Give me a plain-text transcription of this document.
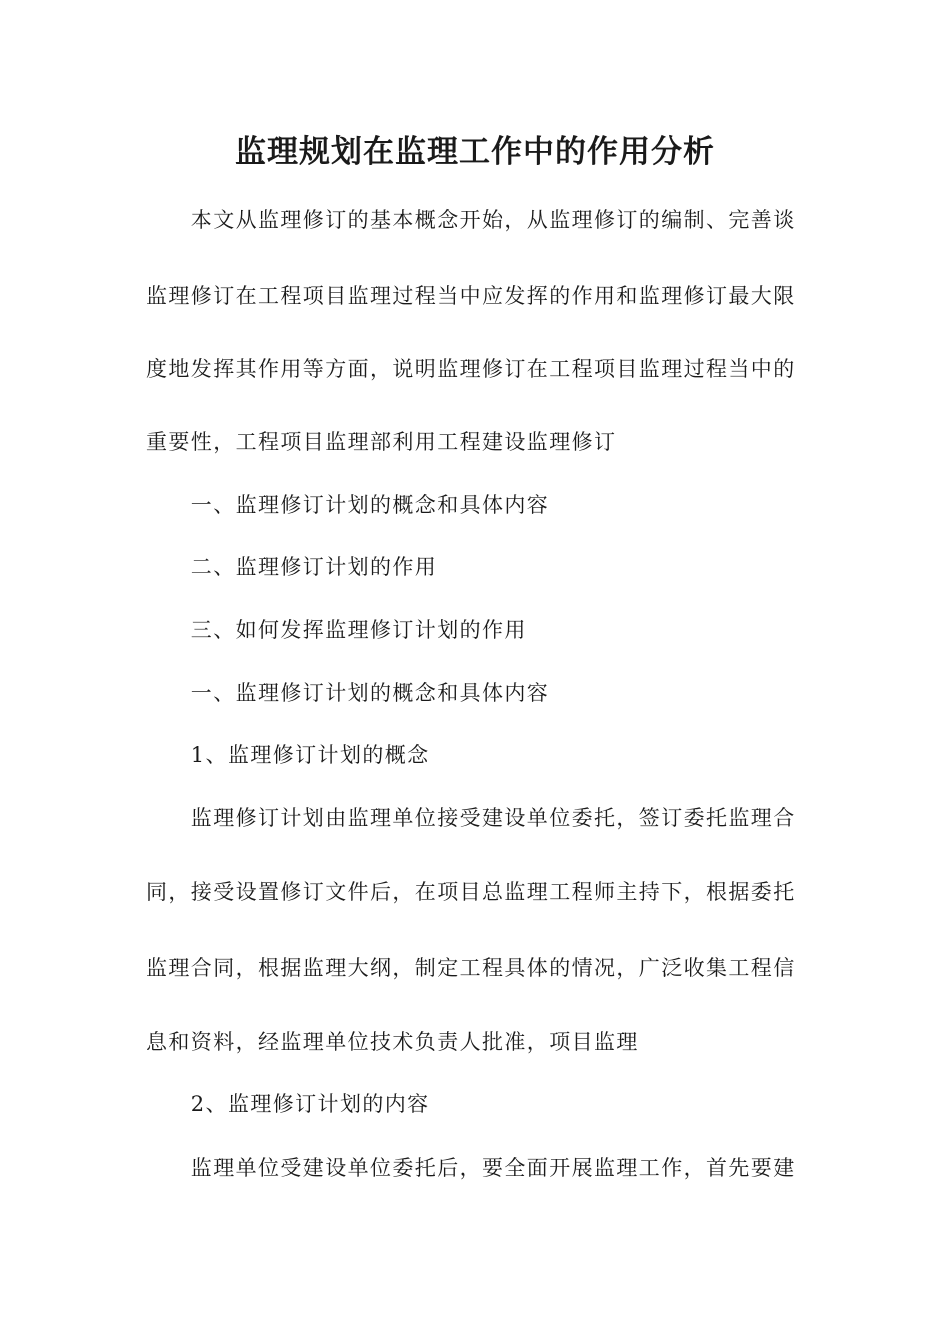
监理规划在监理工作中的作用分析

　　本文从监理修订的基本概念开始，从监理修订的编制、完善谈

监理修订在工程项目监理过程当中应发挥的作用和监理修订最大限

度地发挥其作用等方面，说明监理修订在工程项目监理过程当中的

重要性，工程项目监理部利用工程建设监理修订

　　一、监理修订计划的概念和具体内容

　　二、监理修订计划的作用

　　三、如何发挥监理修订计划的作用

　　一、监理修订计划的概念和具体内容

　　1、监理修订计划的概念

　　监理修订计划由监理单位接受建设单位委托，签订委托监理合

同，接受设置修订文件后，在项目总监理工程师主持下，根据委托

监理合同，根据监理大纲，制定工程具体的情况，广泛收集工程信

息和资料，经监理单位技术负责人批准，项目监理

　　2、监理修订计划的内容

　　监理单位受建设单位委托后，要全面开展监理工作，首先要建
